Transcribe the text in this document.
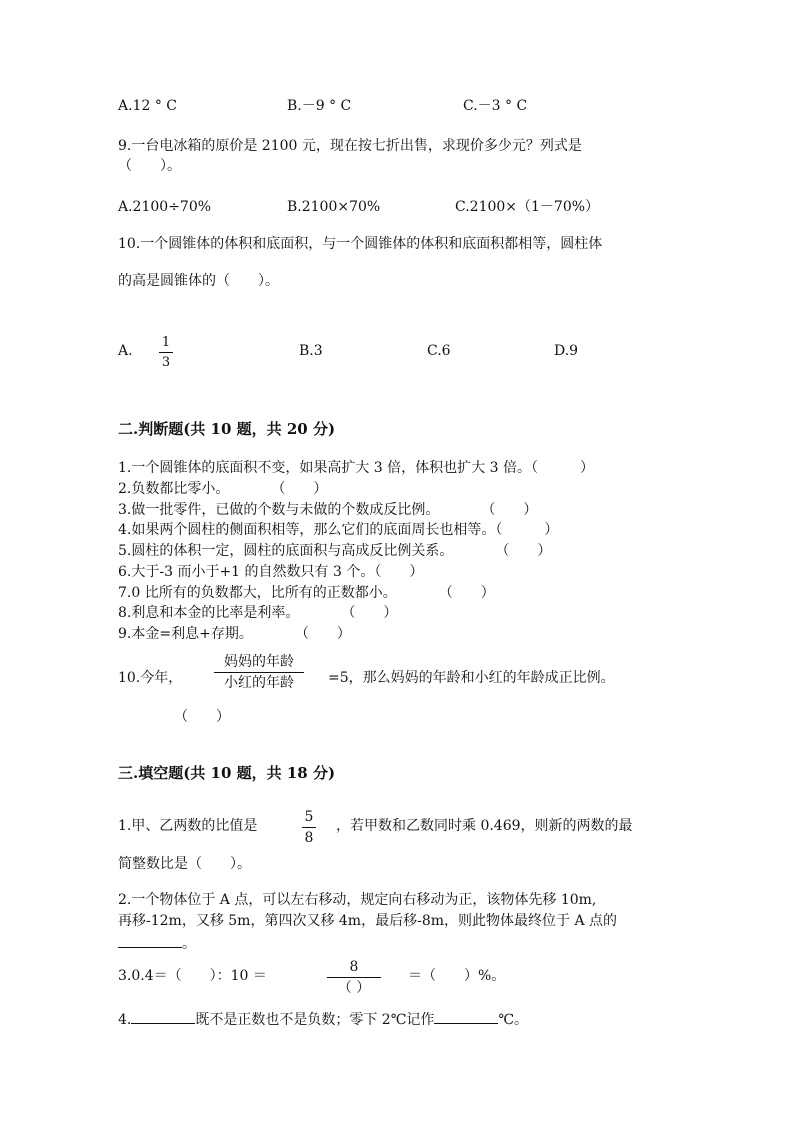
A.12 ° C	B.－9 ° C	C.－3 ° C
9.一台电冰箱的原价是 2100 元，现在按七折出售，求现价多少元？列式是
（　　）。
A.2100÷70%	B.2100×70%	C.2100×（1－70%）
10.一个圆锥体的体积和底面积，与一个圆锥体的体积和底面积都相等，圆柱体
的高是圆锥体的（　　）。
A.
1
3
B.3	C.6	D.9
二.判断题(共 10 题，共 20 分)
1.一个圆锥体的底面积不变，如果高扩大 3 倍，体积也扩大 3 倍。（　　　）
2.负数都比零小。　　　　（　　）
3.做一批零件，已做的个数与未做的个数成反比例。　　　　（　　）
4.如果两个圆柱的侧面积相等，那么它们的底面周长也相等。（　　　）
5.圆柱的体积一定，圆柱的底面积与高成反比例关系。　　　　（　　）
6.大于-3 而小于+1 的自然数只有 3 个。（　　）
7.0 比所有的负数都大，比所有的正数都小。　　　　（　　）
8.利息和本金的比率是利率。　　　　（　　）
9.本金=利息+存期。　　　　（　　）
10.今年，
妈妈的年龄
小红的年龄	=5，那么妈妈的年龄和小红的年龄成正比例。
（　　）
三.填空题(共 10 题，共 18 分)
1.甲、乙两数的比值是
5
8
，若甲数和乙数同时乘 0.469，则新的两数的最
简整数比是（　　）。
2.一个物体位于 A 点，可以左右移动，规定向右移动为正，该物体先移 10m,
再移-12m，又移 5m，第四次又移 4m，最后移-8m，则此物体最终位于 A 点的
。
3.0.4＝（　　）：10 ＝
8
（ ）
＝（　　）%。
4.	既不是正数也不是负数；零下 2℃记作	℃。
